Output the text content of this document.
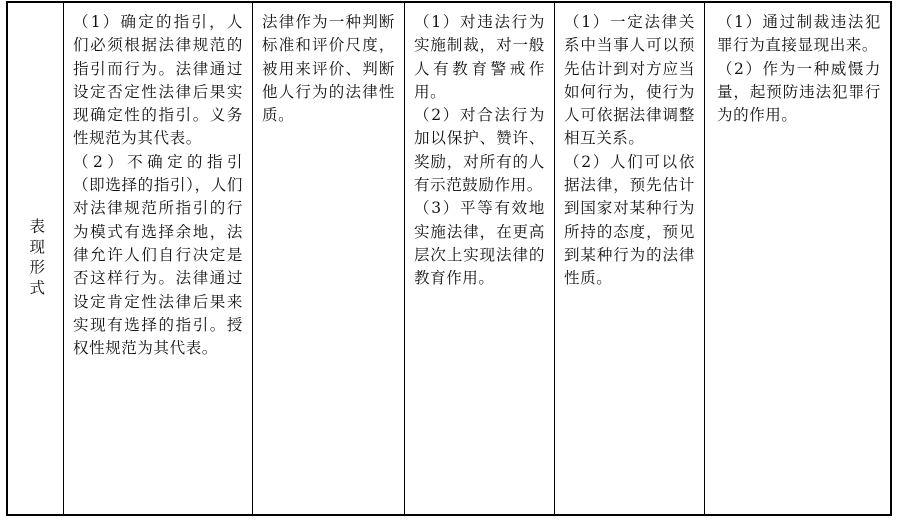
表现形式

（1）确定的指引，人们必须根据法律规范的指引而行为。法律通过设定否定性法律后果实现确定性的指引。义务性规范为其代表。

（2）不确定的指引（即选择的指引），人们对法律规范所指引的行为模式有选择余地，法律允许人们自行决定是否这样行为。法律通过设定肯定性法律后果来实现有选择的指引。授权性规范为其代表。

法律作为一种判断标准和评价尺度，被用来评价、判断他人行为的法律性质。

（1）对违法行为实施制裁，对一般人有教育警戒作用。

（2）对合法行为加以保护、赞许、奖励，对所有的人有示范鼓励作用。

（3）平等有效地实施法律，在更高层次上实现法律的教育作用。

（1）一定法律关系中当事人可以预先估计到对方应当如何行为，使行为人可依据法律调整相互关系。

（2）人们可以依据法律，预先估计到国家对某种行为所持的态度，预见到某种行为的法律性质。

（1）通过制裁违法犯罪行为直接显现出来。

（2）作为一种威慑力量，起预防违法犯罪行为的作用。
